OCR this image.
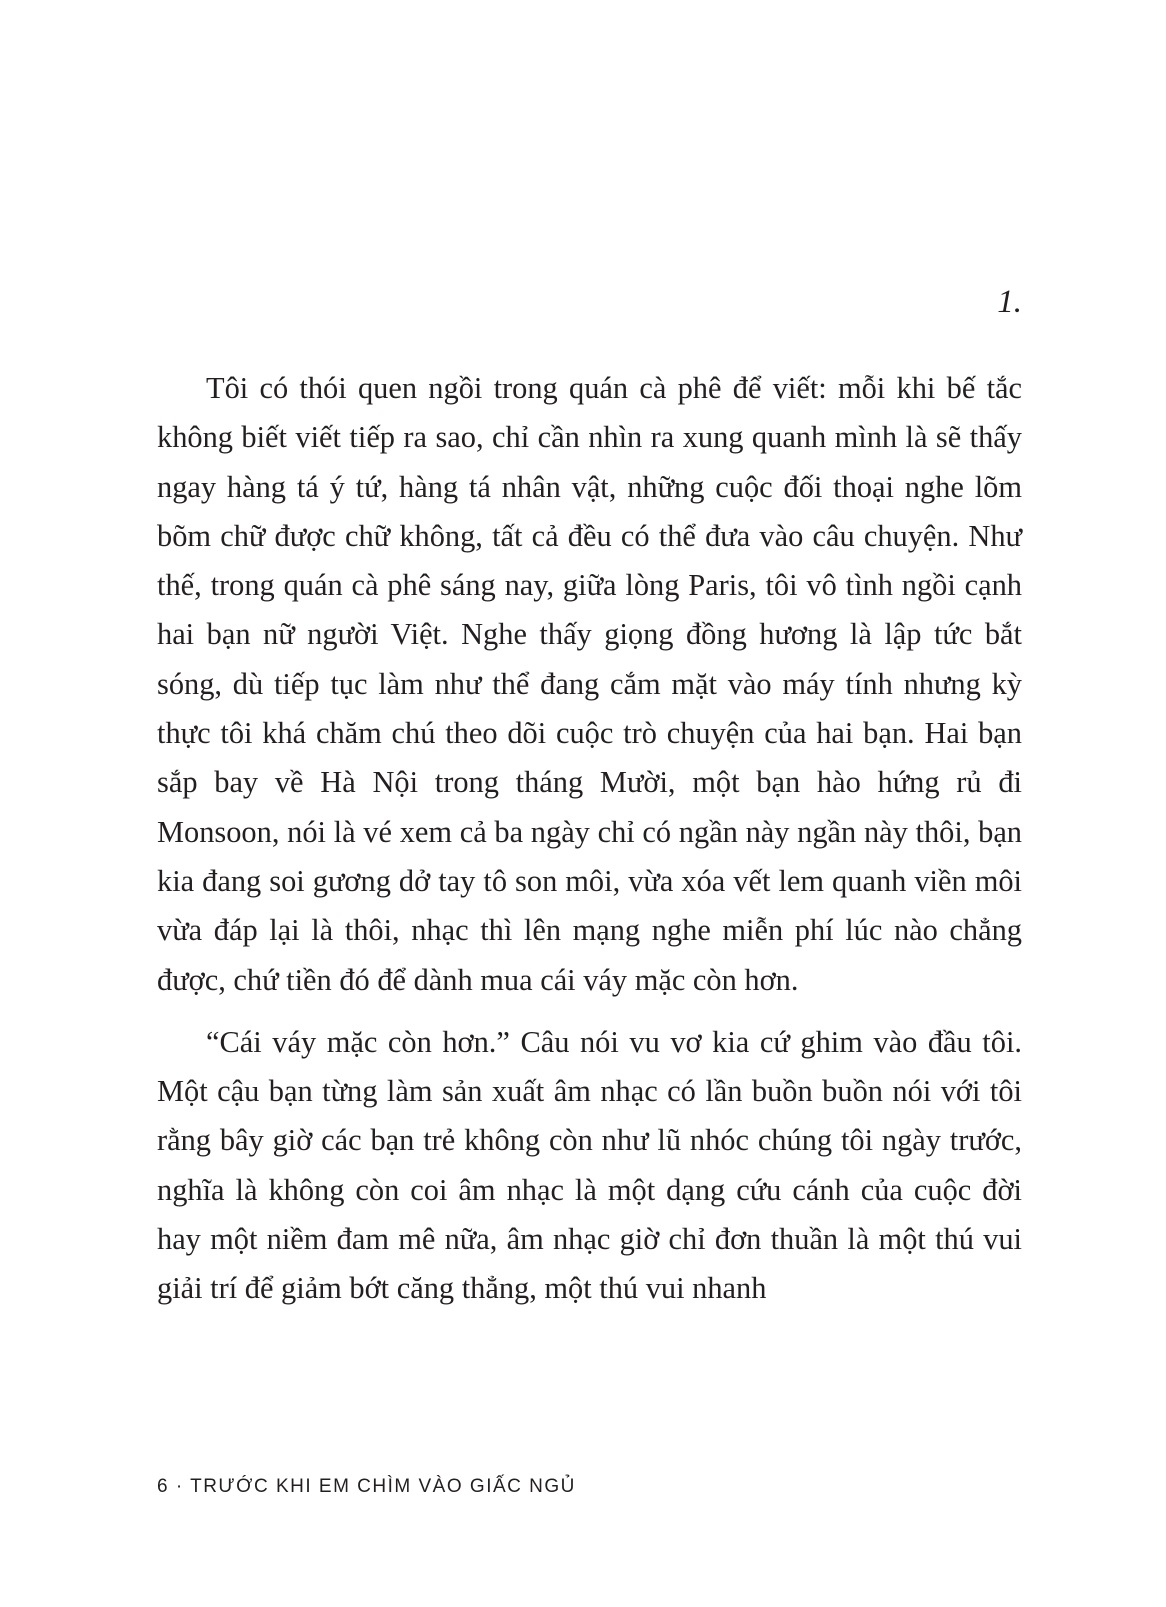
1.

Tôi có thói quen ngồi trong quán cà phê để viết: mỗi khi bế tắc không biết viết tiếp ra sao, chỉ cần nhìn ra xung quanh mình là sẽ thấy ngay hàng tá ý tứ, hàng tá nhân vật, những cuộc đối thoại nghe lõm bõm chữ được chữ không, tất cả đều có thể đưa vào câu chuyện. Như thế, trong quán cà phê sáng nay, giữa lòng Paris, tôi vô tình ngồi cạnh hai bạn nữ người Việt. Nghe thấy giọng đồng hương là lập tức bắt sóng, dù tiếp tục làm như thể đang cắm mặt vào máy tính nhưng kỳ thực tôi khá chăm chú theo dõi cuộc trò chuyện của hai bạn. Hai bạn sắp bay về Hà Nội trong tháng Mười, một bạn hào hứng rủ đi Monsoon, nói là vé xem cả ba ngày chỉ có ngần này ngần này thôi, bạn kia đang soi gương dở tay tô son môi, vừa xóa vết lem quanh viền môi vừa đáp lại là thôi, nhạc thì lên mạng nghe miễn phí lúc nào chẳng được, chứ tiền đó để dành mua cái váy mặc còn hơn.

“Cái váy mặc còn hơn.” Câu nói vu vơ kia cứ ghim vào đầu tôi. Một cậu bạn từng làm sản xuất âm nhạc có lần buồn buồn nói với tôi rằng bây giờ các bạn trẻ không còn như lũ nhóc chúng tôi ngày trước, nghĩa là không còn coi âm nhạc là một dạng cứu cánh của cuộc đời hay một niềm đam mê nữa, âm nhạc giờ chỉ đơn thuần là một thú vui giải trí để giảm bớt căng thẳng, một thú vui nhanh

6 · TRƯỚC KHI EM CHÌM VÀO GIẤC NGỦ
